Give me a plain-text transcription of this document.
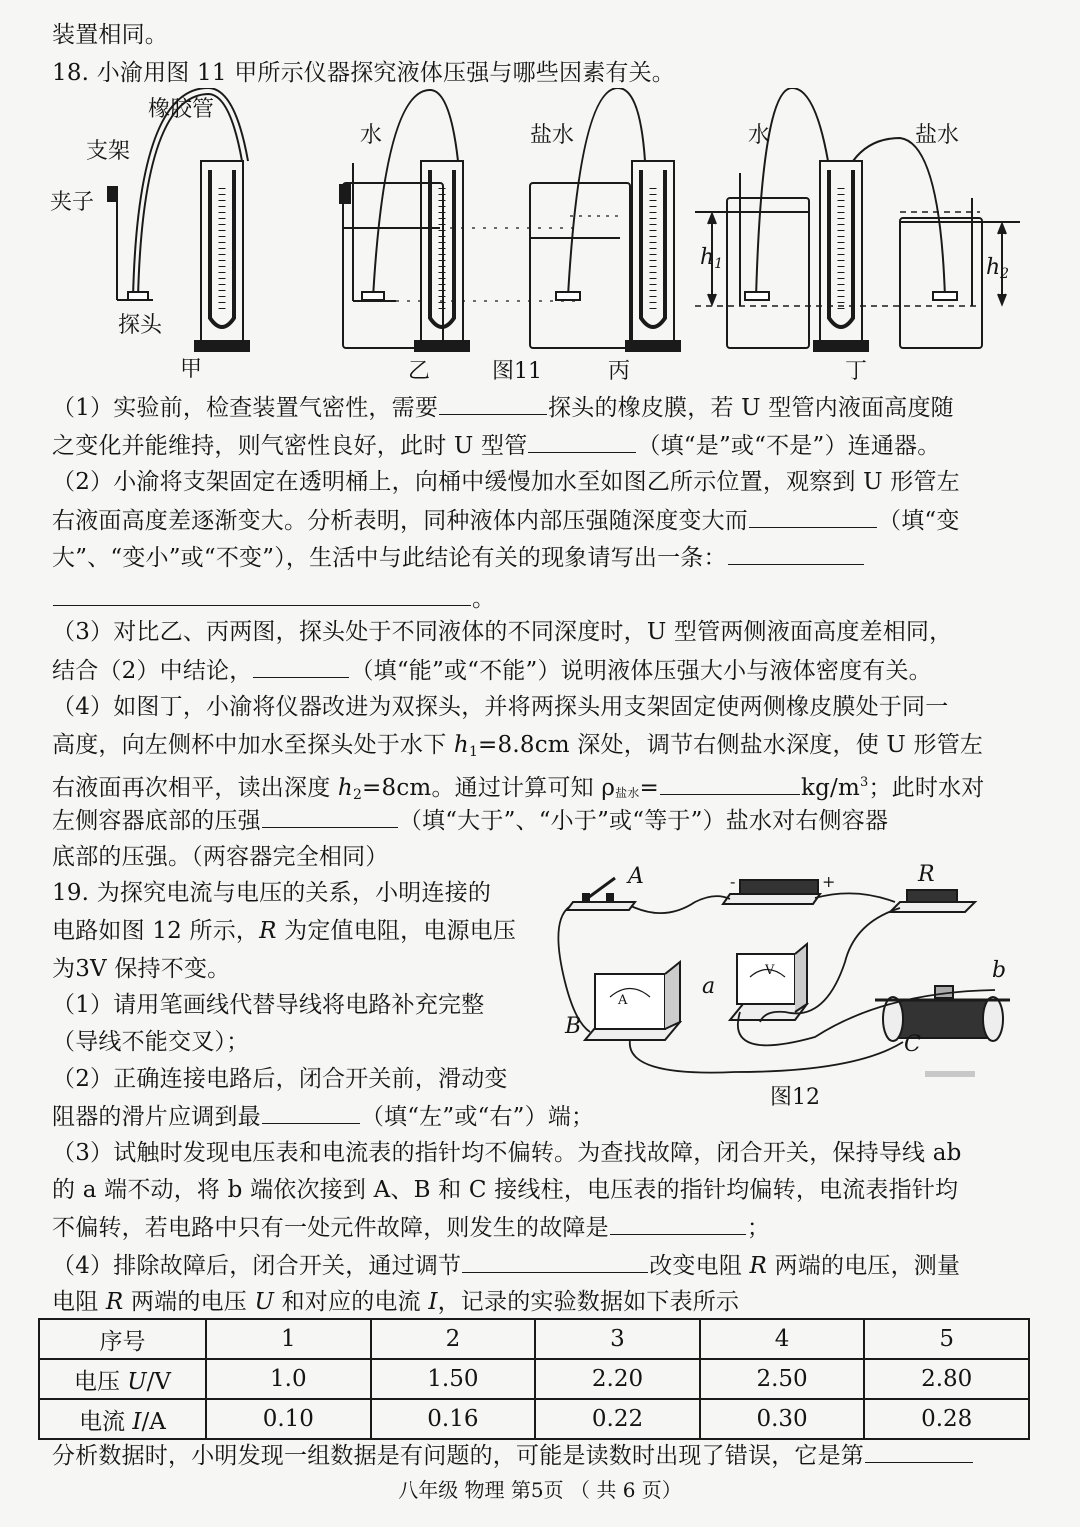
装置相同。
18. 小渝用图 11 甲所示仪器探究液体压强与哪些因素有关。
橡胶管
支架
夹子
探头
水	盐水	水	盐水
$h_1$	$h_2$
甲	乙	图11	丙	丁
（1）实验前，检查装置气密性，需要	探头的橡皮膜，若 U 型管内液面高度随
之变化并能维持，则气密性良好，此时 U 型管	（填“是”或“不是”）连通器。
（2）小渝将支架固定在透明桶上，向桶中缓慢加水至如图乙所示位置，观察到 U 形管左
右液面高度差逐渐变大。分析表明，同种液体内部压强随深度变大而	（填“变
大”、“变小”或“不变”），生活中与此结论有关的现象请写出一条：
。
（3）对比乙、丙两图，探头处于不同液体的不同深度时，U 型管两侧液面高度差相同，
结合（2）中结论，	（填“能”或“不能”）说明液体压强大小与液体密度有关。
（4）如图丁，小渝将仪器改进为双探头，并将两探头用支架固定使两侧橡皮膜处于同一
高度，向左侧杯中加水至探头处于水下 $h_1=8.8cm$ 深处，调节右侧盐水深度，使 U 形管左
右液面再次相平，读出深度 $h_2=8cm$。通过计算可知 ρ盐水=	$kg/m^3$；此时水对
左侧容器底部的压强	（填“大于”、“小于”或“等于”）盐水对右侧容器
底部的压强。（两容器完全相同）
19. 为探究电流与电压的关系，小明连接的
电路如图 12 所示，R 为定值电阻，电源电压
为3V 保持不变。
（1）请用笔画线代替导线将电路补充完整
（导线不能交叉）；
（2）正确连接电路后，闭合开关前，滑动变
阻器的滑片应调到最	（填“左”或“右”）端；
A	-	+	R
a
b
B
C
A
V
图12
（3）试触时发现电压表和电流表的指针均不偏转。为查找故障，闭合开关，保持导线 ab
的 a 端不动，将 b 端依次接到 A、B 和 C 接线柱，电压表的指针均偏转，电流表指针均
不偏转，若电路中只有一处元件故障，则发生的故障是	；
（4）排除故障后，闭合开关，通过调节	改变电阻 R 两端的电压，测量
电阻 R 两端的电压 U 和对应的电流 I，记录的实验数据如下表所示
序号	1	2	3	4	5
电压 U/V	1.0	1.50	2.20	2.50	2.80
电流 I/A	0.10	0.16	0.22	0.30	0.28
分析数据时，小明发现一组数据是有问题的，可能是读数时出现了错误，它是第
八年级 物理 第5页 （ 共 6 页）
